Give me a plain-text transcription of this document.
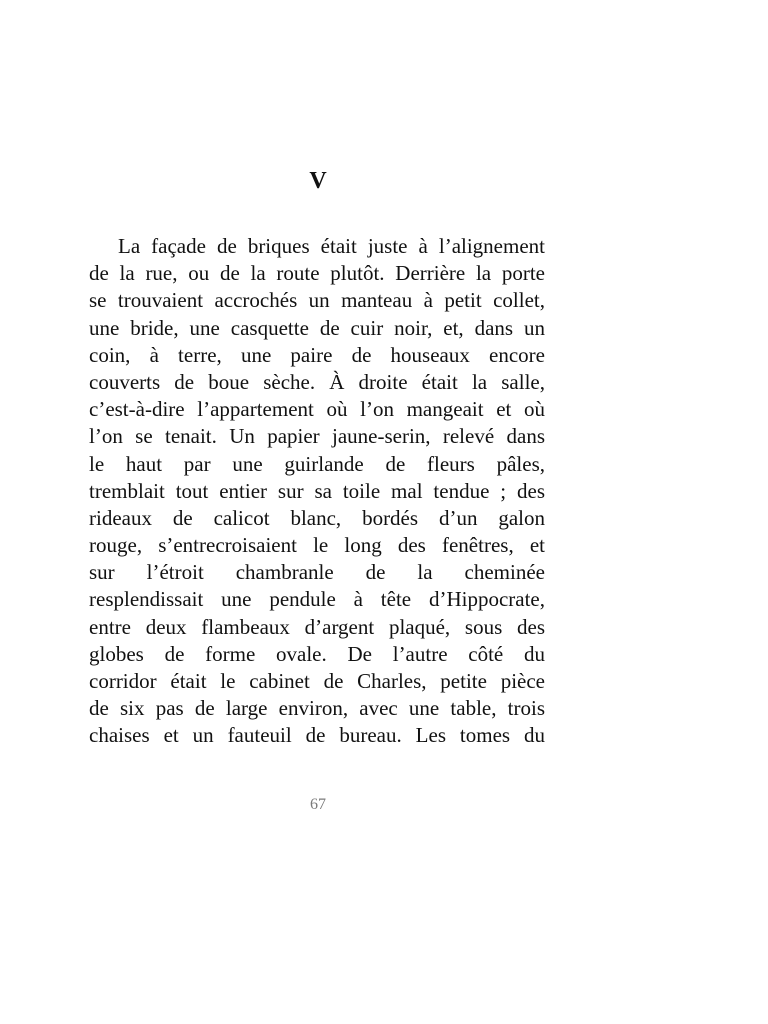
V
La façade de briques était juste à l’alignement
de la rue, ou de la route plutôt. Derrière la porte
se trouvaient accrochés un manteau à petit collet,
une bride, une casquette de cuir noir, et, dans un
coin, à terre, une paire de houseaux encore
couverts de boue sèche. À droite était la salle,
c’est-à-dire l’appartement où l’on mangeait et où
l’on se tenait. Un papier jaune-serin, relevé dans
le haut par une guirlande de fleurs pâles,
tremblait tout entier sur sa toile mal tendue ; des
rideaux de calicot blanc, bordés d’un galon
rouge, s’entrecroisaient le long des fenêtres, et
sur l’étroit chambranle de la cheminée
resplendissait une pendule à tête d’Hippocrate,
entre deux flambeaux d’argent plaqué, sous des
globes de forme ovale. De l’autre côté du
corridor était le cabinet de Charles, petite pièce
de six pas de large environ, avec une table, trois
chaises et un fauteuil de bureau. Les tomes du
67
